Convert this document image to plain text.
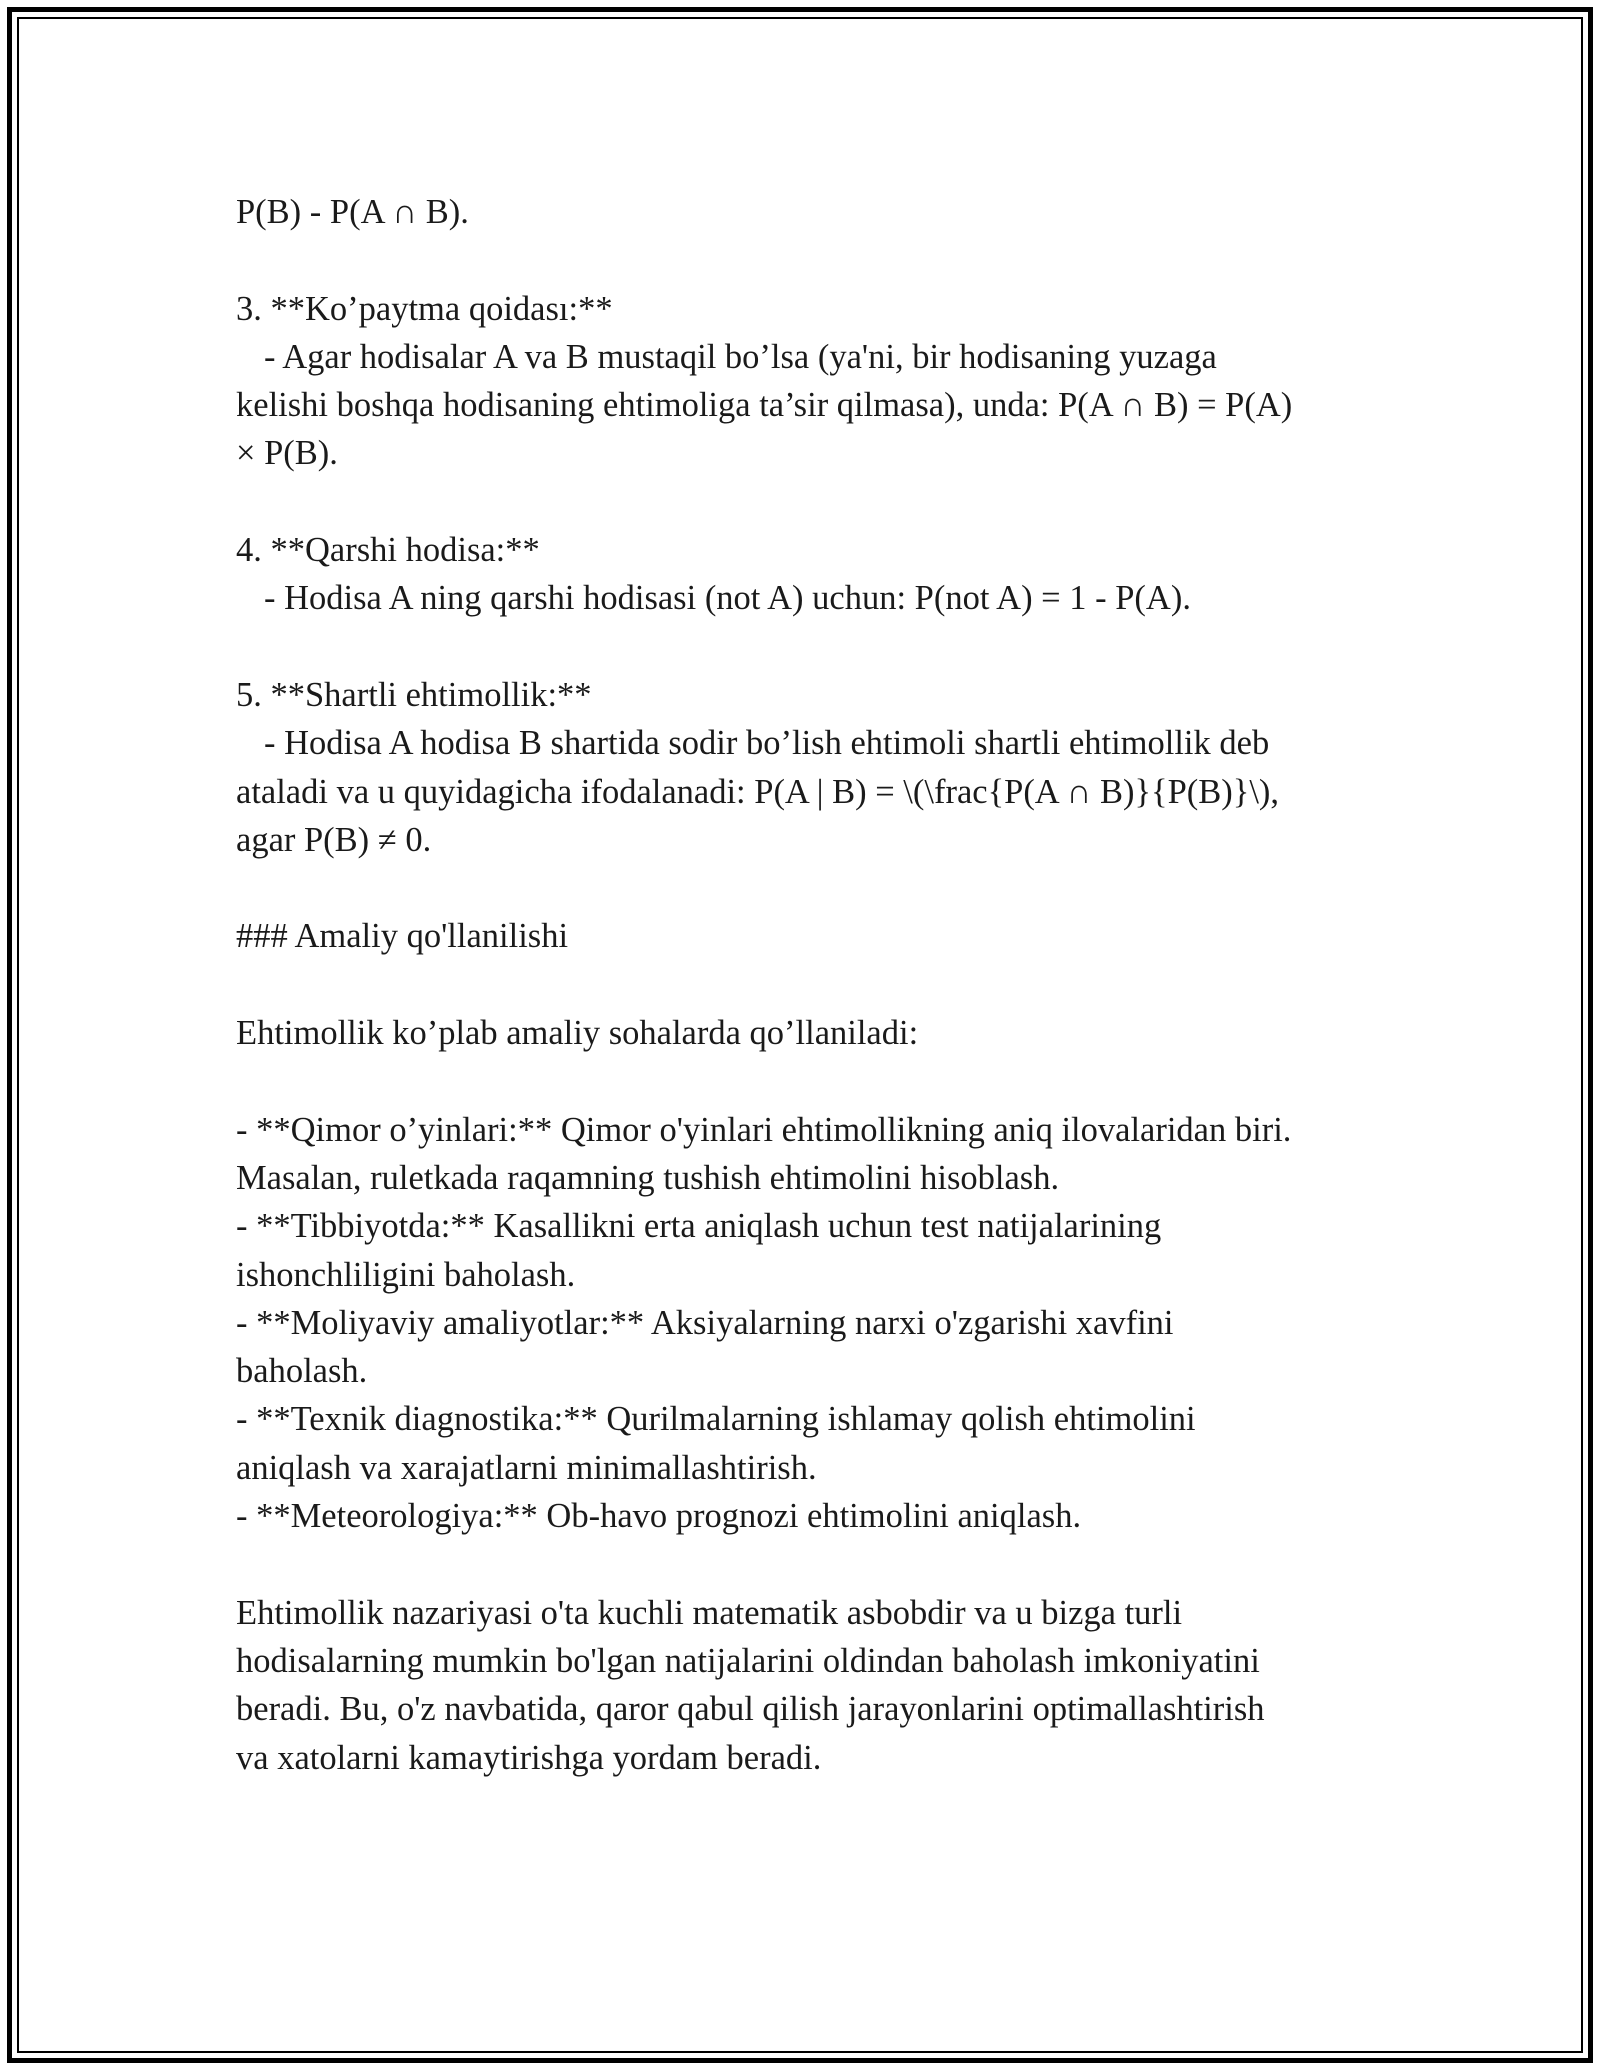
P(B) - P(A ∩ B).
3. **Ko’paytma qoidası:**
- Agar hodisalar A va B mustaqil bo’lsa (ya'ni, bir hodisaning yuzaga
kelishi boshqa hodisaning ehtimoliga ta’sir qilmasa), unda: P(A ∩ B) = P(A)
× P(B).
4. **Qarshi hodisa:**
- Hodisa A ning qarshi hodisasi (not A) uchun: P(not A) = 1 - P(A).
5. **Shartli ehtimollik:**
- Hodisa A hodisa B shartida sodir bo’lish ehtimoli shartli ehtimollik deb
ataladi va u quyidagicha ifodalanadi: P(A | B) = \(\frac{P(A ∩ B)}{P(B)}\),
agar P(B) ≠ 0.
### Amaliy qo'llanilishi
Ehtimollik ko’plab amaliy sohalarda qo’llaniladi:
- **Qimor o’yinlari:** Qimor o'yinlari ehtimollikning aniq ilovalaridan biri.
Masalan, ruletkada raqamning tushish ehtimolini hisoblash.
- **Tibbiyotda:** Kasallikni erta aniqlash uchun test natijalarining
ishonchliligini baholash.
- **Moliyaviy amaliyotlar:** Aksiyalarning narxi o'zgarishi xavfini
baholash.
- **Texnik diagnostika:** Qurilmalarning ishlamay qolish ehtimolini
aniqlash va xarajatlarni minimallashtirish.
- **Meteorologiya:** Ob-havo prognozi ehtimolini aniqlash.
Ehtimollik nazariyasi o'ta kuchli matematik asbobdir va u bizga turli
hodisalarning mumkin bo'lgan natijalarini oldindan baholash imkoniyatini
beradi. Bu, o'z navbatida, qaror qabul qilish jarayonlarini optimallashtirish
va xatolarni kamaytirishga yordam beradi.
